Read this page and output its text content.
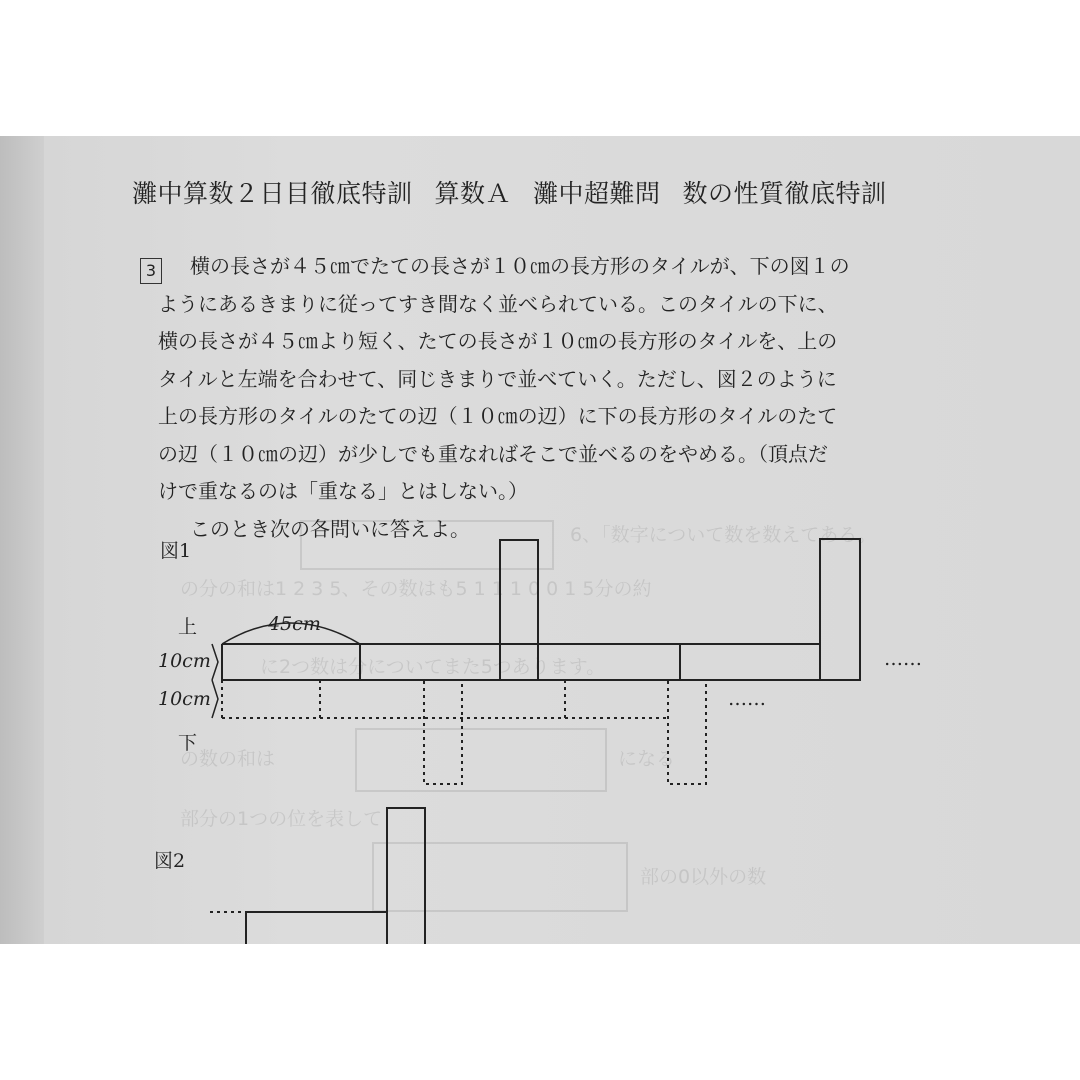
6、「数字について数を数えてある。
の分の和は1 2 3 5、その数はも5 1 1 1 0 0 1 5分の約
に2つ数は分についてまた5つあります。
の数の和は	になる
部分の1つの位を表して
部の0以外の数
灘中算数２日目徹底特訓 算数Ａ 灘中超難問 数の性質徹底特訓
3	横の長さが４５㎝でたての長さが１０㎝の長方形のタイルが、下の図１の
ようにあるきまりに従ってすき間なく並べられている。このタイルの下に、
横の長さが４５㎝より短く、たての長さが１０㎝の長方形のタイルを、上の
タイルと左端を合わせて、同じきまりで並べていく。ただし、図２のように
上の長方形のタイルのたての辺（１０㎝の辺）に下の長方形のタイルのたて
の辺（１０㎝の辺）が少しでも重なればそこで並べるのをやめる。（頂点だ
けで重なるのは「重なる」とはしない。）
このとき次の各問いに答えよ。
図1
上	45cm
10cm
10cm
下
……
……
図2
